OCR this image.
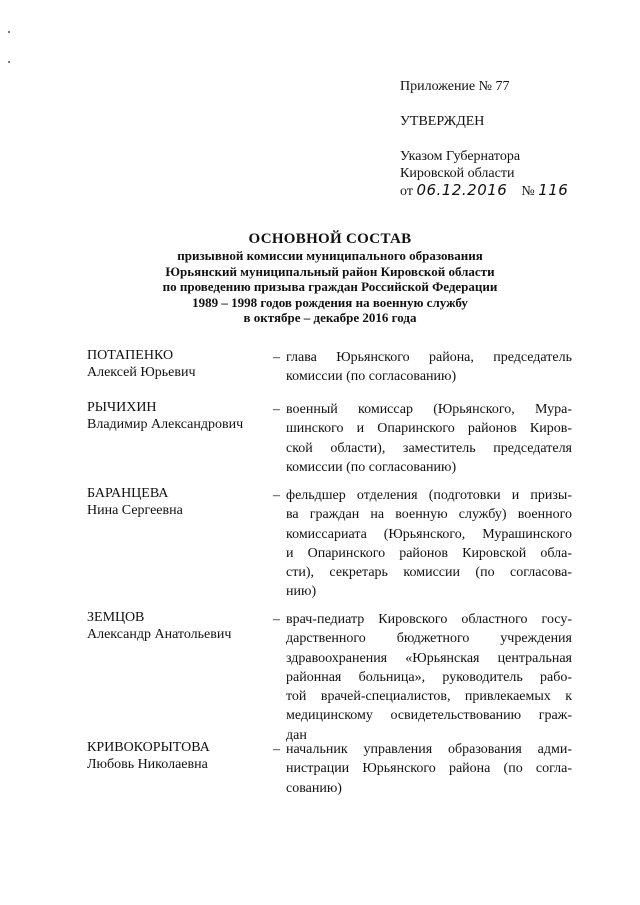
Приложение № 77
УТВЕРЖДЕН
Указом Губернатора
Кировской области
от 06.12.2016 № 116
ОСНОВНОЙ СОСТАВ
призывной комиссии муниципального образования
Юрьянский муниципальный район Кировской области
по проведению призыва граждан Российской Федерации
1989 – 1998 годов рождения на военную службу
в октябре – декабре 2016 года
ПОТАПЕНКО
Алексей Юрьевич
– глава Юрьянского района, председатель
комиссии (по согласованию)
РЫЧИХИН
Владимир Александрович
– военный комиссар (Юрьянского, Мура-
шинского и Опаринского районов Киров-
ской области), заместитель председателя
комиссии (по согласованию)
БАРАНЦЕВА
Нина Сергеевна
– фельдшер отделения (подготовки и призы-
ва граждан на военную службу) военного
комиссариата (Юрьянского, Мурашинского
и Опаринского районов Кировской обла-
сти), секретарь комиссии (по согласова-
нию)
ЗЕМЦОВ
Александр Анатольевич
– врач-педиатр Кировского областного госу-
дарственного бюджетного учреждения
здравоохранения «Юрьянская центральная
районная больница», руководитель рабо-
той врачей-специалистов, привлекаемых к
медицинскому освидетельствованию граж-
дан
КРИВОКОРЫТОВА
Любовь Николаевна
– начальник управления образования адми-
нистрации Юрьянского района (по согла-
сованию)
